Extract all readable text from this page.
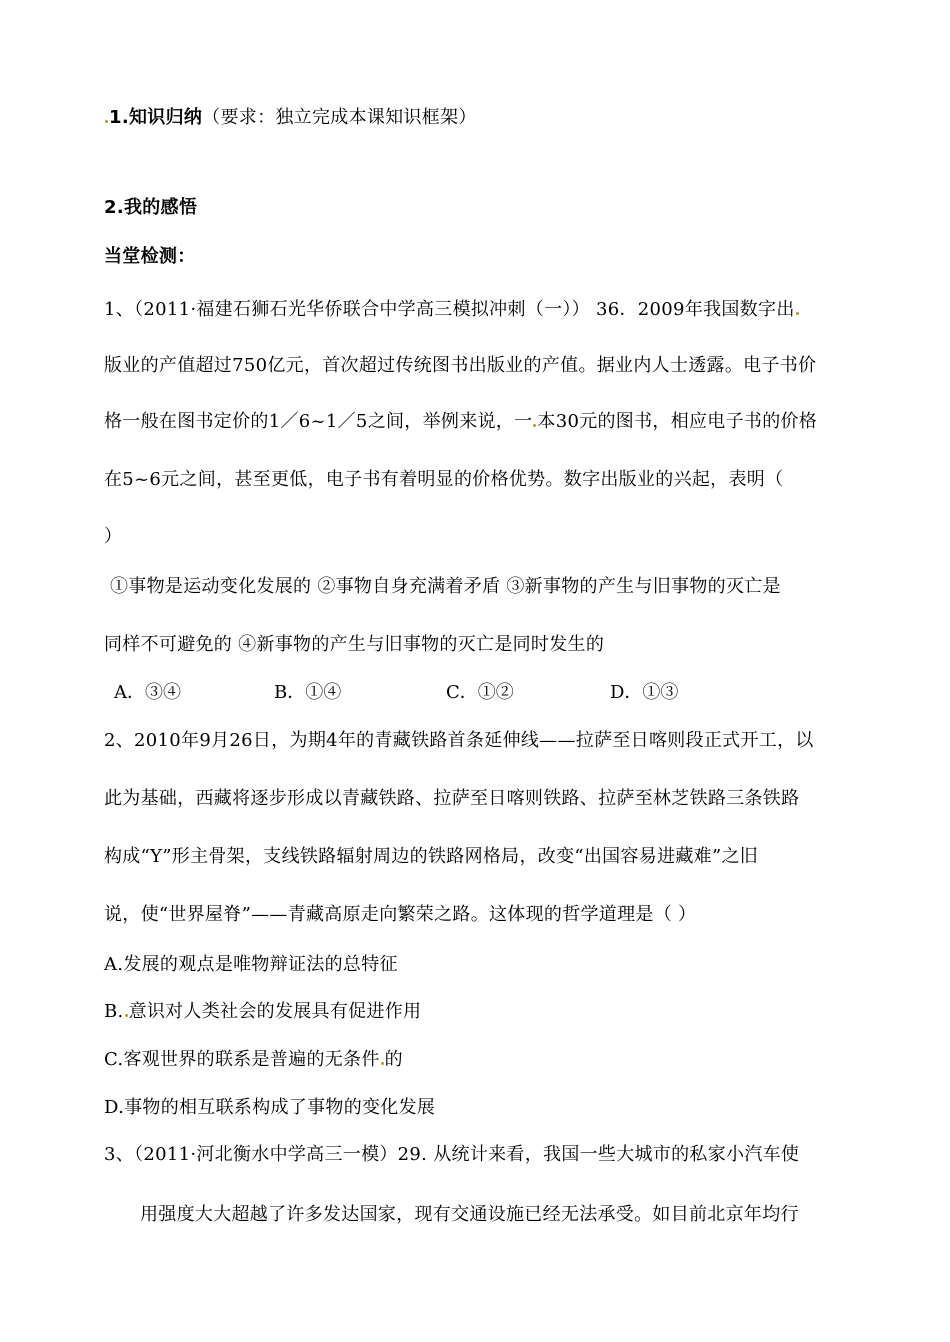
1.知识归纳（要求：独立完成本课知识框架）
2.我的感悟
当堂检测：
1、（2011·福建石狮石光华侨联合中学高三模拟冲刺（一）） 36．2009年我国数字出
版业的产值超过750亿元，首次超过传统图书出版业的产值。据业内人士透露。电子书价
格一般在图书定价的1／6~1／5之间，举例来说，一 本30元的图书，相应电子书的价格
在5~6元之间，甚至更低，电子书有着明显的价格优势。数字出版业的兴起，表明（
）
①事物是运动变化发展的 ②事物自身充满着矛盾 ③新事物的产生与旧事物的灭亡是
同样不可避免的 ④新事物的产生与旧事物的灭亡是同时发生的
A．③④	B．①④	C．①②	D．①③
2、2010年9月26日，为期4年的青藏铁路首条延伸线——拉萨至日喀则段正式开工，以
此为基础，西藏将逐步形成以青藏铁路、拉萨至日喀则铁路、拉萨至林芝铁路三条铁路
构成“Y”形主骨架，支线铁路辐射周边的铁路网格局，改变“出国容易进藏难”之旧
说，使“世界屋脊”——青藏高原走向繁荣之路。这体现的哲学道理是（ ）
A.发展的观点是唯物辩证法的总特征
B. 意识对人类社会的发展具有促进作用
C.客观世界的联系是普遍的无条件 的
D.事物的相互联系构成了事物的变化发展
3、（2011·河北衡水中学高三一模）29. 从统计来看，我国一些大城市的私家小汽车使
用强度大大超越了许多发达国家，现有交通设施已经无法承受。如目前北京年均行
